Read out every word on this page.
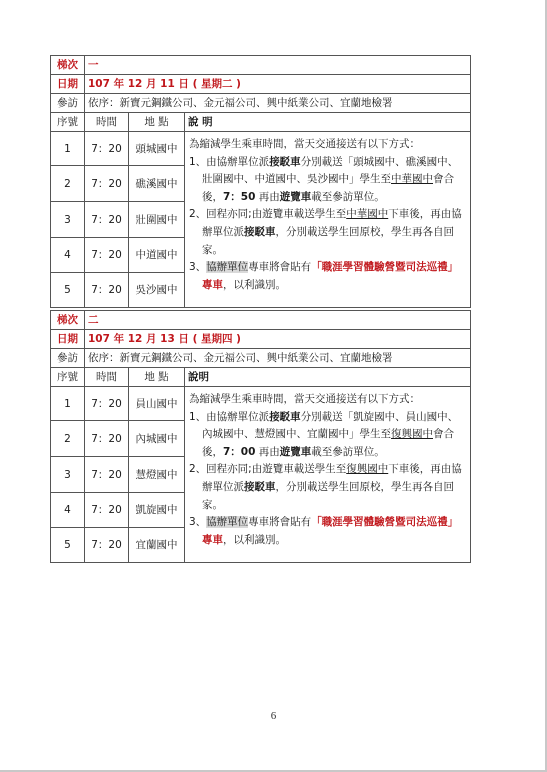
梯次	一		
日期	107 年 12 月 11 日 ( 星期二 )		
參訪	依序：新寶元鋼鐵公司、金元福公司、興中紙業公司、宜蘭地檢署		
序號	時間	地 點	說 明
1	7：20	頭城國中	為縮減學生乘車時間，當天交通接送有以下方式：

1、由協辦單位派接駁車分別載送「頭城國中、礁溪國中、壯圍國中、中道國中、吳沙國中」學生至中華國中會合後，7：50 再由遊覽車載至參訪單位。

2、回程亦同;由遊覽車載送學生至中華國中下車後，再由協辦單位派接駁車，分別載送學生回原校，學生再各自回家。

3、協辦單位專車將會貼有「職涯學習體驗營暨司法巡禮」專車，以利識別。

2	7：20	礁溪國中	
3	7：20	壯圍國中	
4	7：20	中道國中	
5	7：20	吳沙國中	
梯次	二		
日期	107 年 12 月 13 日 ( 星期四 )		
參訪	依序：新寶元鋼鐵公司、金元福公司、興中紙業公司、宜蘭地檢署		
序號	時間	地 點	說明
1	7：20	員山國中	為縮減學生乘車時間，當天交通接送有以下方式：

1、由協辦單位派接駁車分別載送「凱旋國中、員山國中、內城國中、慧燈國中、宜蘭國中」學生至復興國中會合後，7：00 再由遊覽車載至參訪單位。

2、回程亦同;由遊覽車載送學生至復興國中下車後，再由協辦單位派接駁車，分別載送學生回原校，學生再各自回家。

3、協辦單位專車將會貼有「職涯學習體驗營暨司法巡禮」專車，以利識別。

2	7：20	內城國中	
3	7：20	慧燈國中	
4	7：20	凱旋國中	
5	7：20	宜蘭國中	
6
